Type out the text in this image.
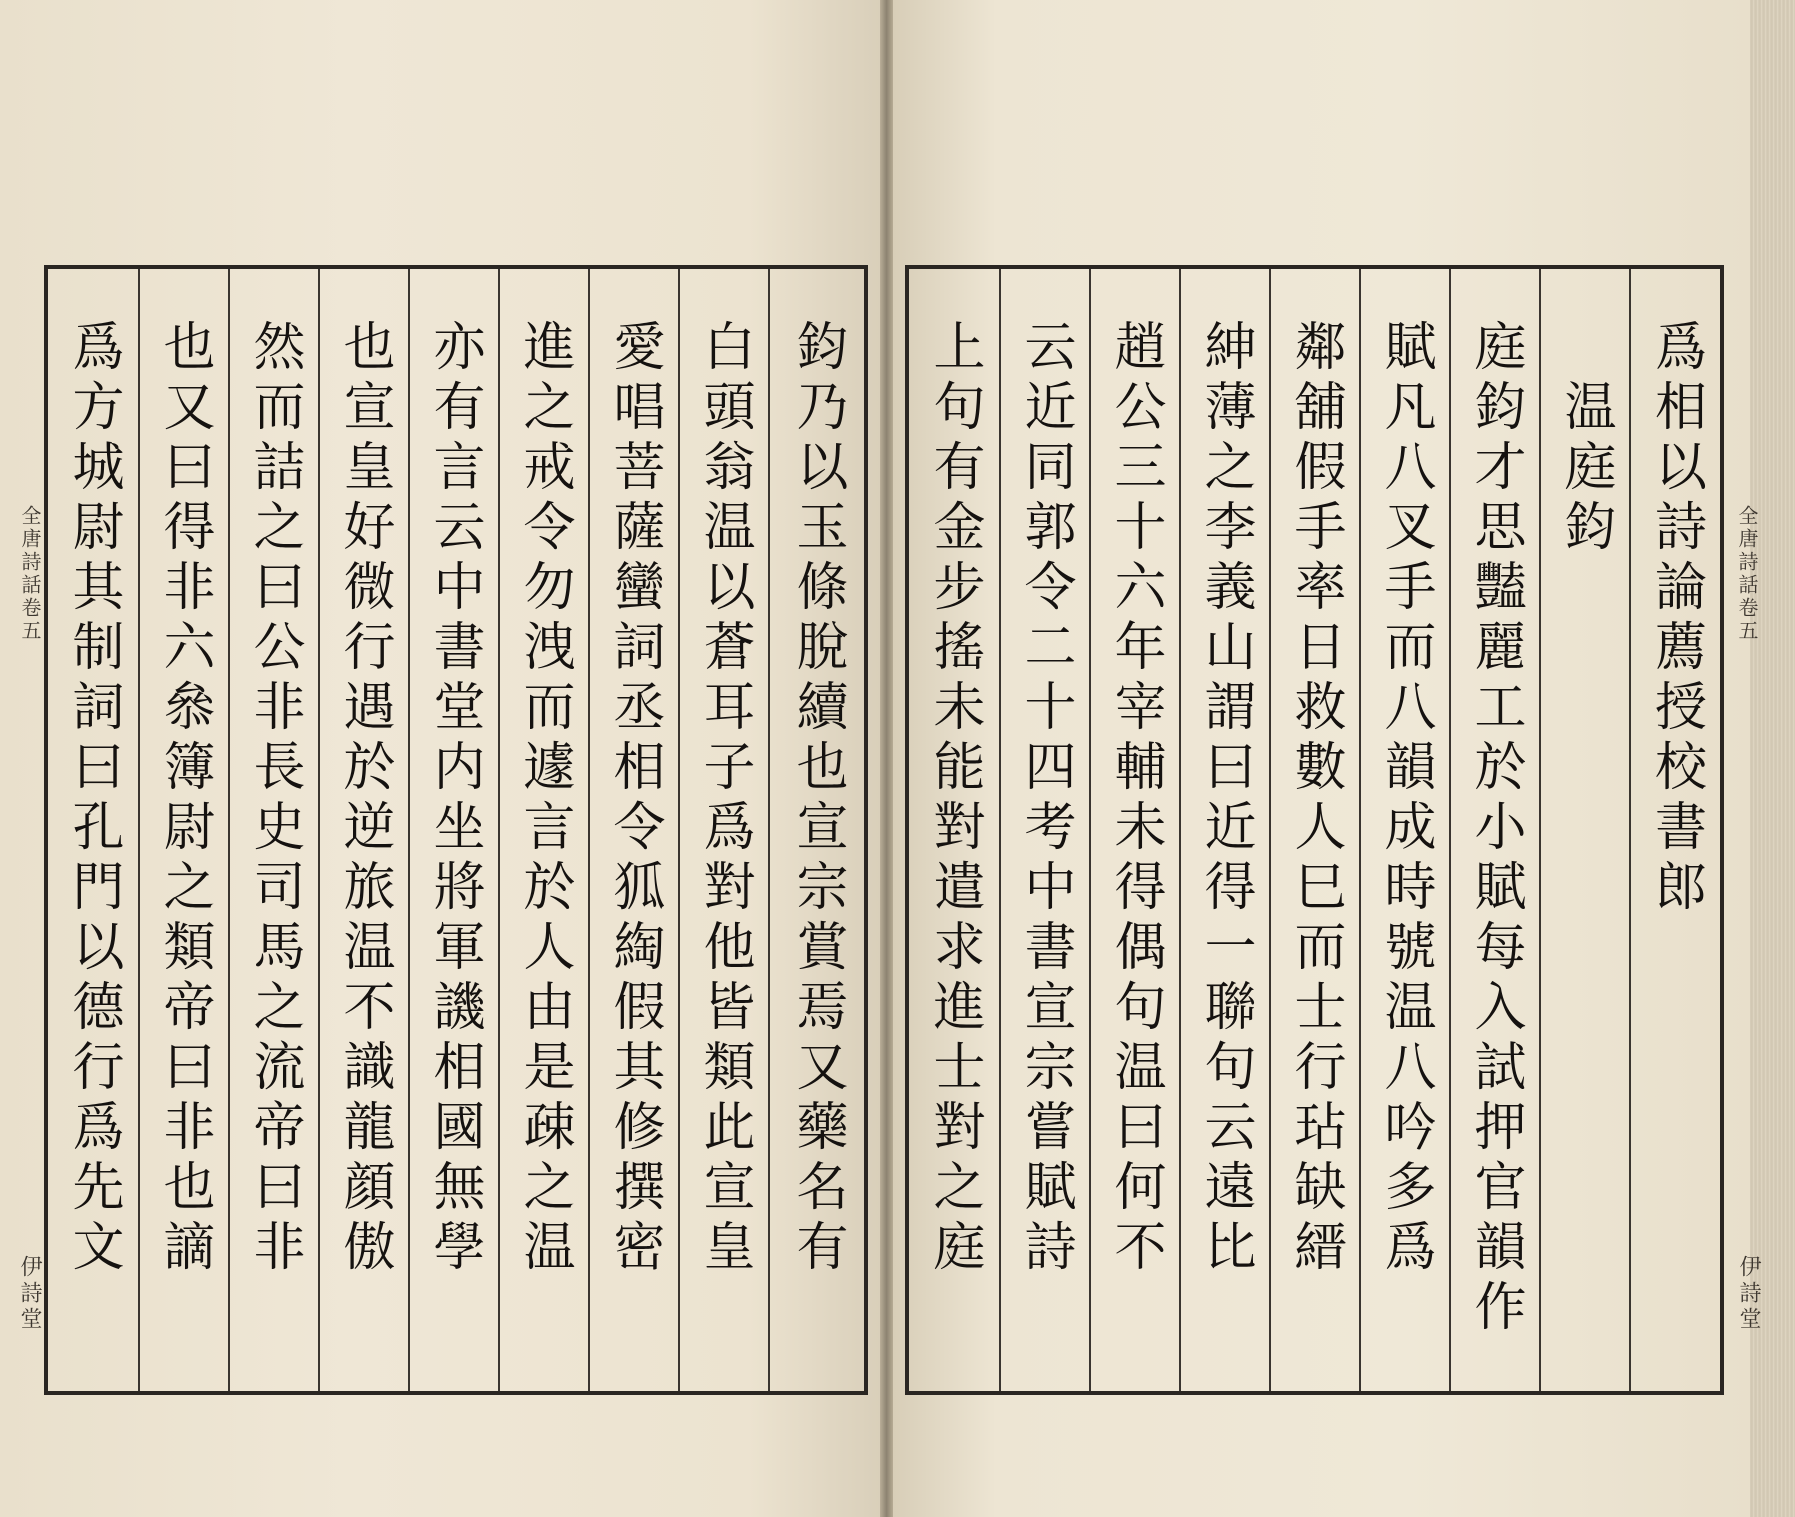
爲方城尉其制詞曰孔門以德行爲先文 也又曰得非六叅簿尉之類帝曰非也謫 然而詰之曰公非長史司馬之流帝曰非 也宣皇好微行遇於逆旅温不識龍顔傲 亦有言云中書堂内坐將軍譏相國無學 進之戒令勿洩而遽言於人由是疎之温 愛唱菩薩蠻詞丞相令狐綯假其修撰密 白頭翁温以蒼耳子爲對他皆類此宣皇 鈞乃以玉條脫續也宣宗賞焉又藥名有
全唐詩話卷五
伊詩堂
上句有金步搖未能對遣求進士對之庭 云近同郭令二十四考中書宣宗嘗賦詩 趙公三十六年宰輔未得偶句温曰何不 紳薄之李義山謂曰近得一聯句云遠比 鄰舖假手率日救數人巳而士行玷缺縉 賦凡八叉手而八韻成時號温八吟多爲 庭鈞才思豔麗工於小賦每入試押官韻作 温庭鈞 爲相以詩論薦授校書郎 全唐詩話卷五
伊詩堂
